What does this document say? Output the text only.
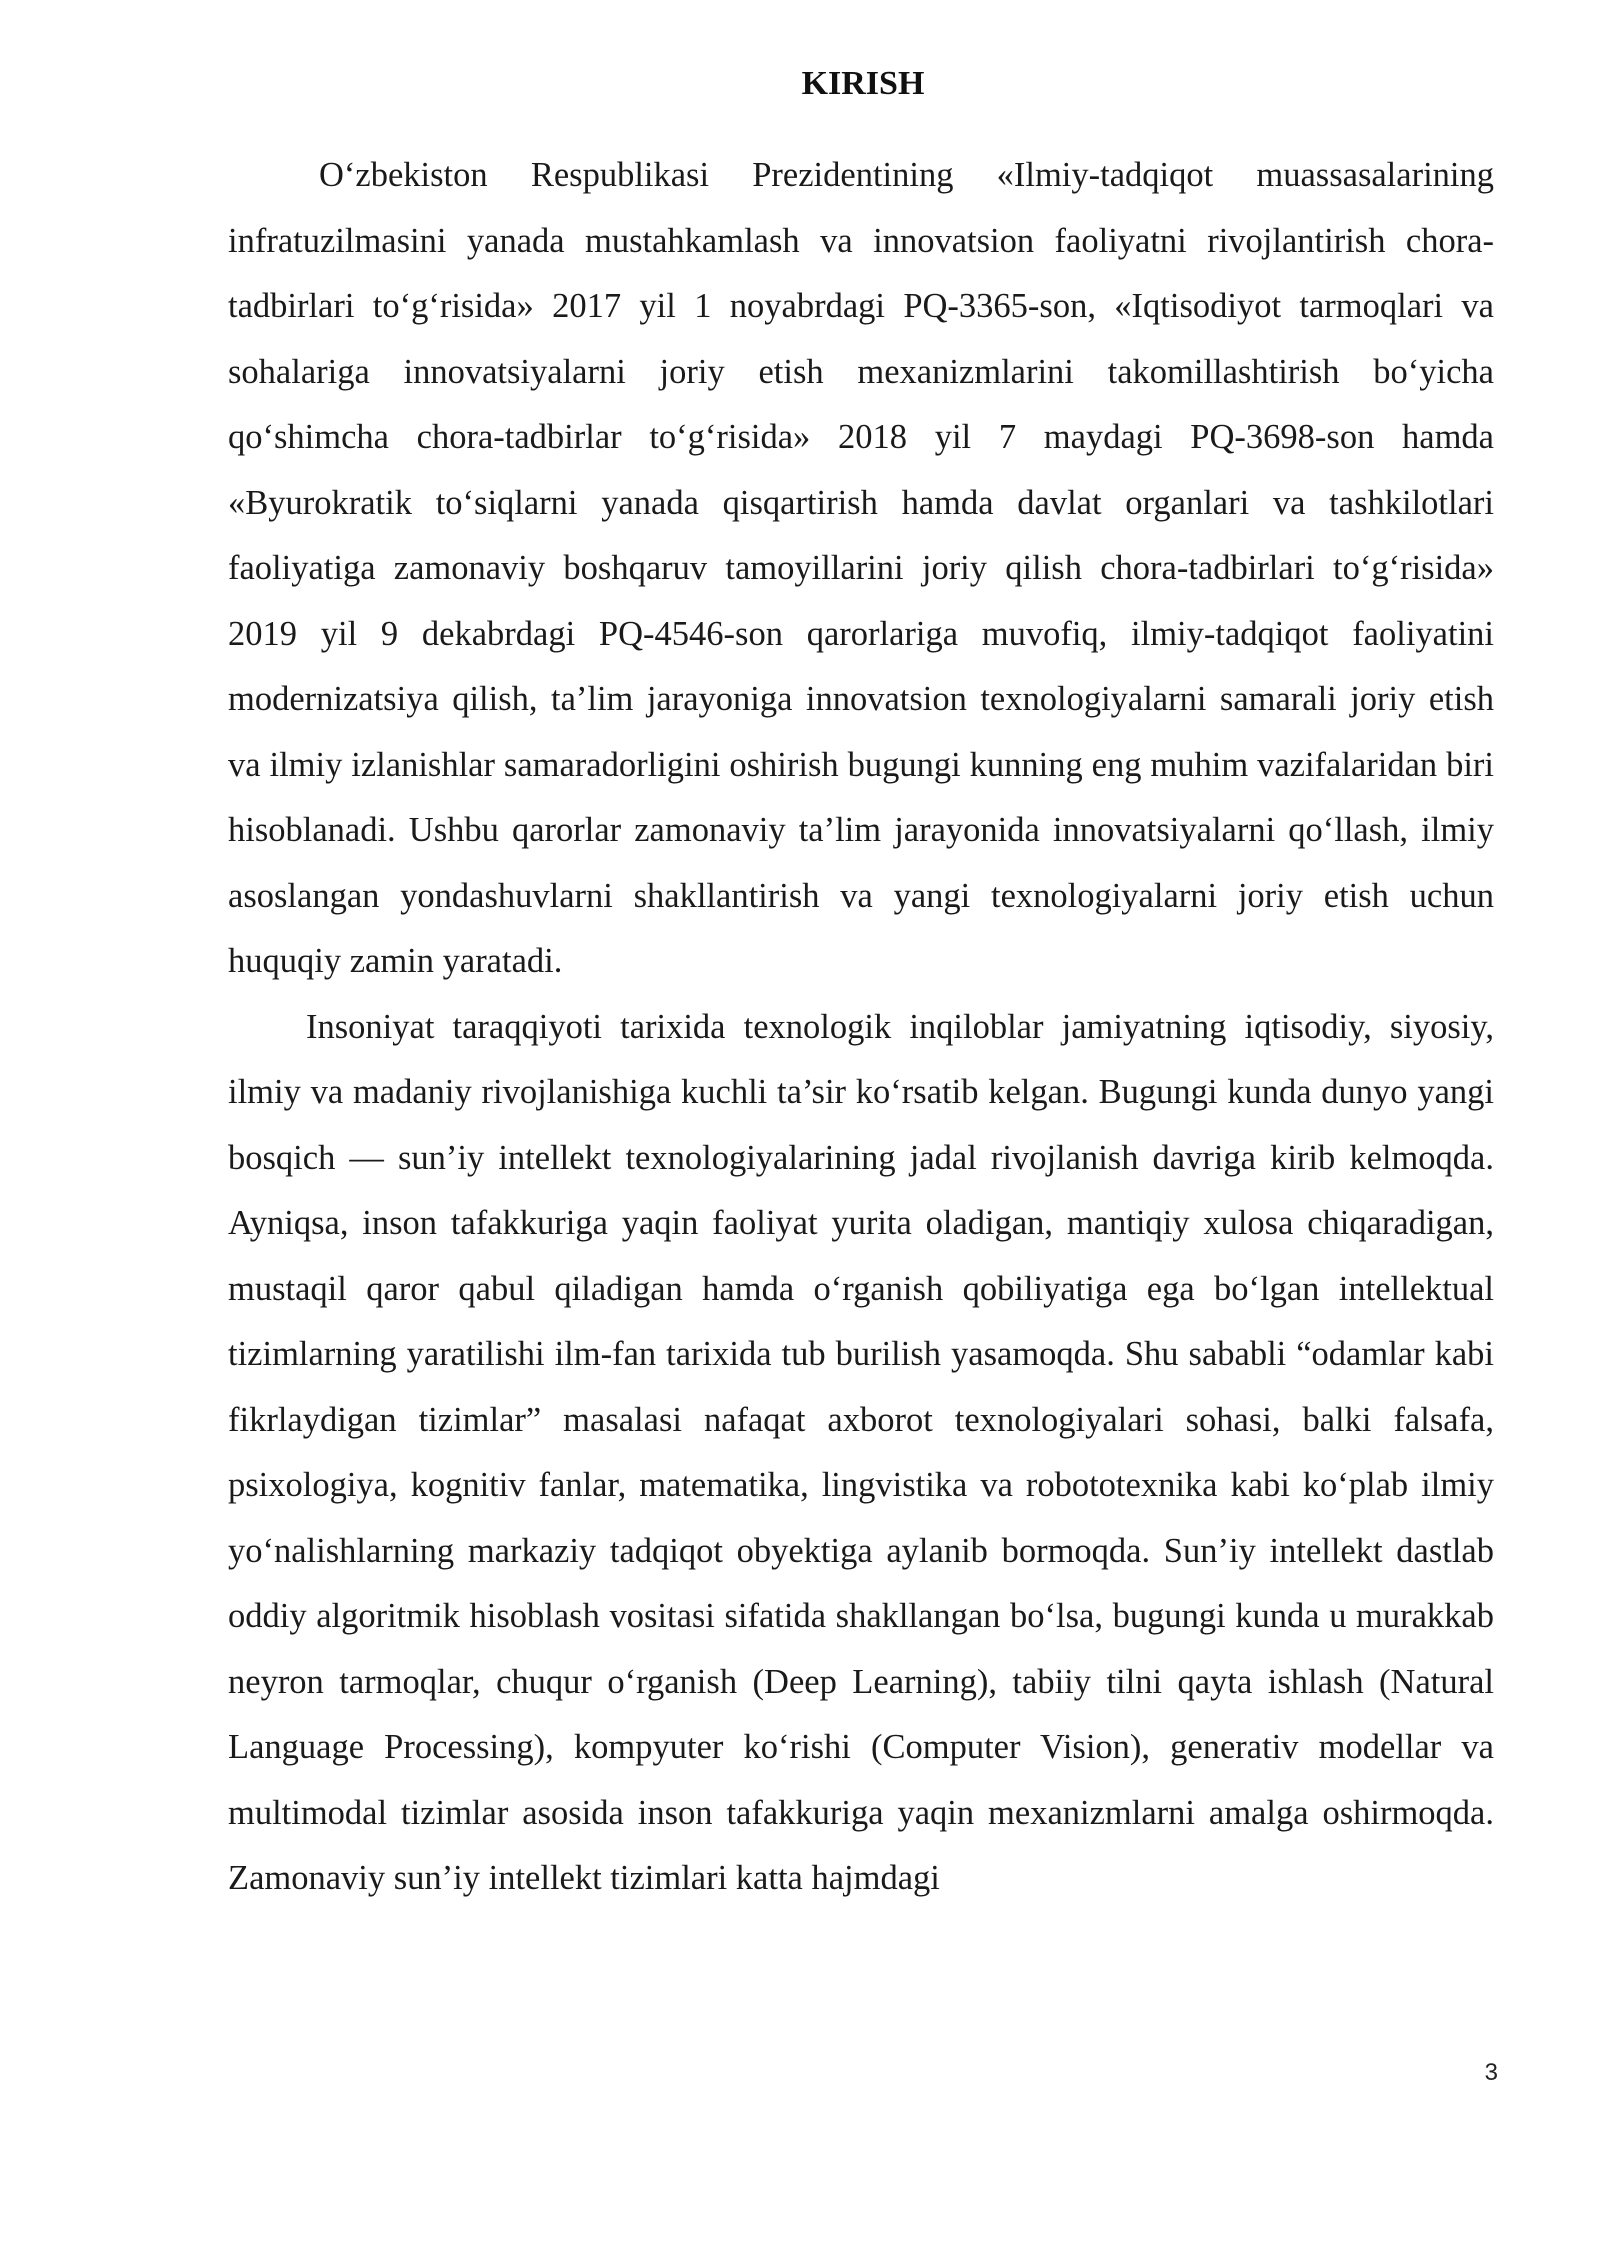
KIRISH

O‘zbekiston Respublikasi Prezidentining «Ilmiy-tadqiqot muassasalarining infratuzilmasini yanada mustahkamlash va innovatsion faoliyatni rivojlantirish chora-tadbirlari to‘g‘risida» 2017 yil 1 noyabrdagi PQ-3365-son, «Iqtisodiyot tarmoqlari va sohalariga innovatsiyalarni joriy etish mexanizmlarini takomillashtirish bo‘yicha qo‘shimcha chora-tadbirlar to‘g‘risida» 2018 yil 7 maydagi PQ-3698-son hamda «Byurokratik to‘siqlarni yanada qisqartirish hamda davlat organlari va tashkilotlari faoliyatiga zamonaviy boshqaruv tamoyillarini joriy qilish chora-tadbirlari to‘g‘risida» 2019 yil 9 dekabrdagi PQ-4546-son qarorlariga muvofiq, ilmiy-tadqiqot faoliyatini modernizatsiya qilish, ta’lim jarayoniga innovatsion texnologiyalarni samarali joriy etish va ilmiy izlanishlar samaradorligini oshirish bugungi kunning eng muhim vazifalaridan biri hisoblanadi. Ushbu qarorlar zamonaviy ta’lim jarayonida innovatsiyalarni qo‘llash, ilmiy asoslangan yondashuvlarni shakllantirish va yangi texnologiyalarni joriy etish uchun huquqiy zamin yaratadi.

Insoniyat taraqqiyoti tarixida texnologik inqiloblar jamiyatning iqtisodiy, siyosiy, ilmiy va madaniy rivojlanishiga kuchli ta’sir ko‘rsatib kelgan. Bugungi kunda dunyo yangi bosqich — sun’iy intellekt texnologiyalarining jadal rivojlanish davriga kirib kelmoqda. Ayniqsa, inson tafakkuriga yaqin faoliyat yurita oladigan, mantiqiy xulosa chiqaradigan, mustaqil qaror qabul qiladigan hamda o‘rganish qobiliyatiga ega bo‘lgan intellektual tizimlarning yaratilishi ilm-fan tarixida tub burilish yasamoqda. Shu sababli “odamlar kabi fikrlaydigan tizimlar” masalasi nafaqat axborot texnologiyalari sohasi, balki falsafa, psixologiya, kognitiv fanlar, matematika, lingvistika va robototexnika kabi ko‘plab ilmiy yo‘nalishlarning markaziy tadqiqot obyektiga aylanib bormoqda. Sun’iy intellekt dastlab oddiy algoritmik hisoblash vositasi sifatida shakllangan bo‘lsa, bugungi kunda u murakkab neyron tarmoqlar, chuqur o‘rganish (Deep Learning), tabiiy tilni qayta ishlash (Natural Language Processing), kompyuter ko‘rishi (Computer Vision), generativ modellar va multimodal tizimlar asosida inson tafakkuriga yaqin mexanizmlarni amalga oshirmoqda. Zamonaviy sun’iy intellekt tizimlari katta hajmdagi

3
